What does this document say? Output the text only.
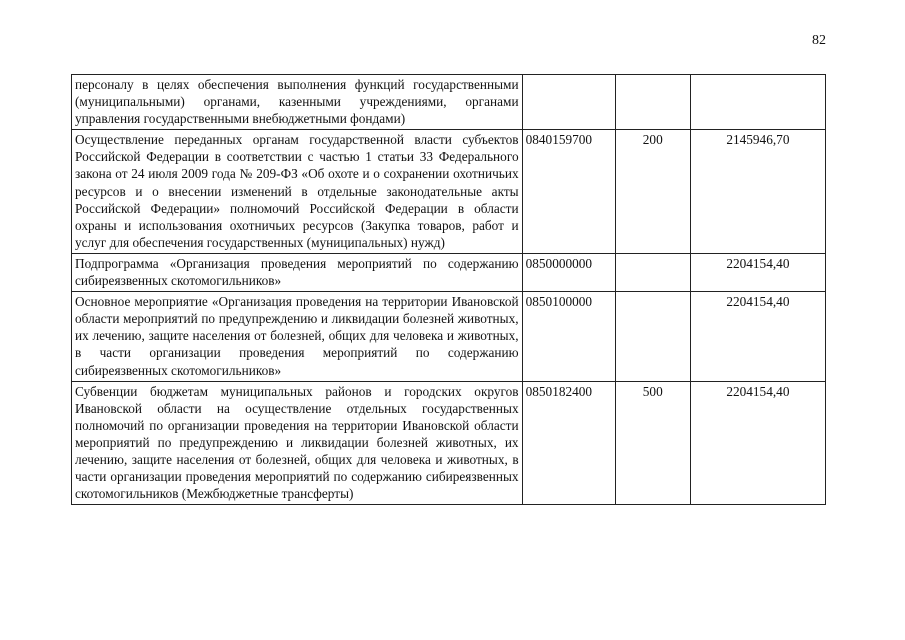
82
персоналу в целях обеспечения выполнения функций государственными (муниципальными) органами, казенными учреждениями, органами управления государственными внебюджетными фондами)			
Осуществление переданных органам государственной власти субъектов Российской Федерации в соответствии с частью 1 статьи 33 Федерального закона от 24 июля 2009 года № 209-ФЗ «Об охоте и о сохранении охотничьих ресурсов и о внесении изменений в отдельные законодательные акты Российской Федерации» полномочий Российской Федерации в области охраны и использования охотничьих ресурсов (Закупка товаров, работ и услуг для обеспечения государственных (муниципальных) нужд)	0840159700	200	2145946,70
Подпрограмма «Организация проведения мероприятий по содержанию сибиреязвенных скотомогильников»	0850000000		2204154,40
Основное мероприятие «Организация проведения на территории Ивановской области мероприятий по предупреждению и ликвидации болезней животных, их лечению, защите населения от болезней, общих для человека и животных, в части организации проведения мероприятий по содержанию сибиреязвенных скотомогильников»	0850100000		2204154,40
Субвенции бюджетам муниципальных районов и городских округов Ивановской области на осуществление отдельных государственных полномочий по организации проведения на территории Ивановской области мероприятий по предупреждению и ликвидации болезней животных, их лечению, защите населения от болезней, общих для человека и животных, в части организации проведения мероприятий по содержанию сибиреязвенных скотомогильников (Межбюджетные трансферты)	0850182400	500	2204154,40
